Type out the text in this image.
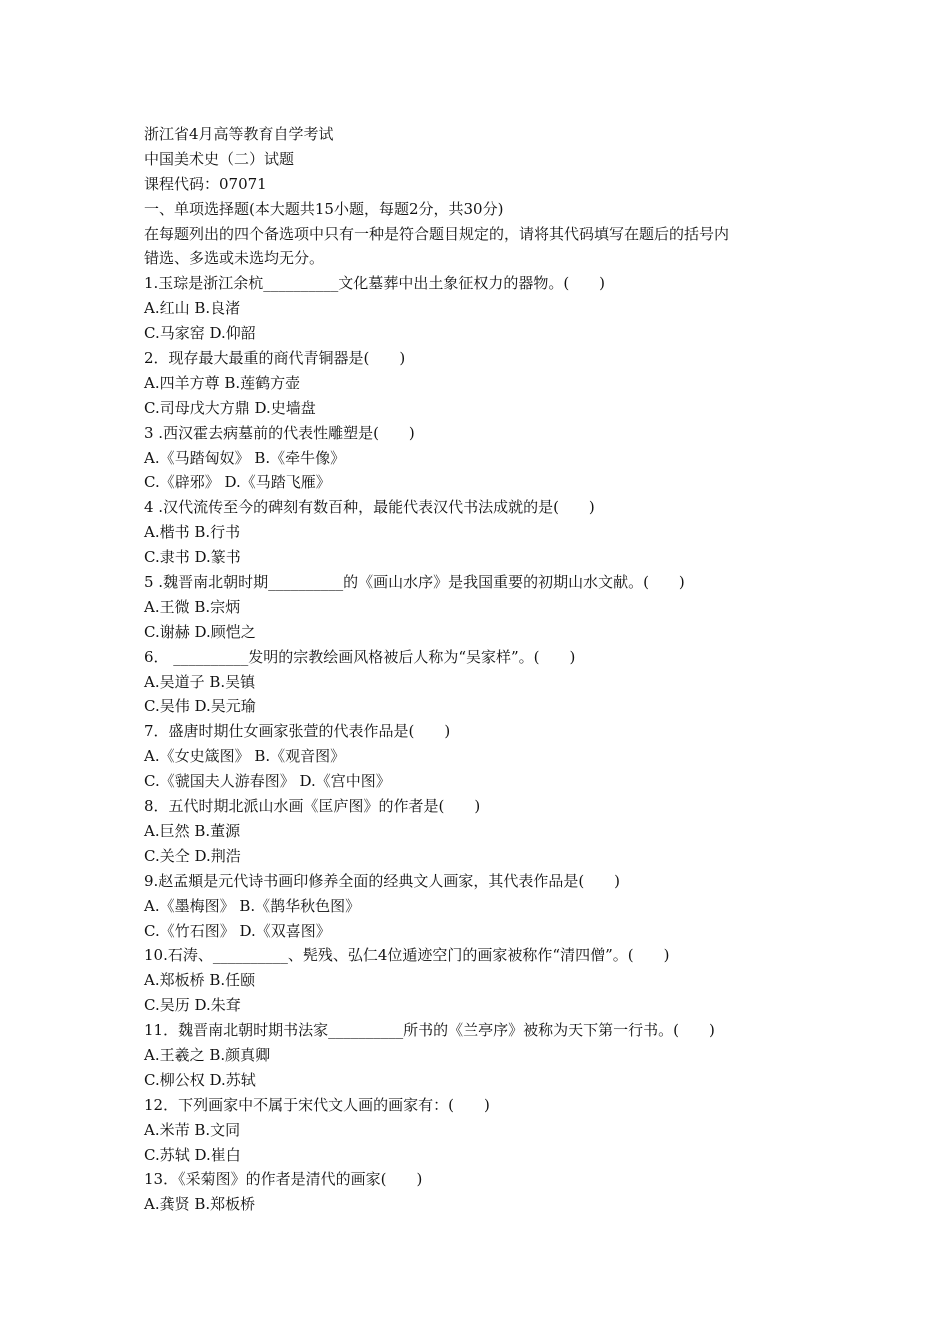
浙江省4月高等教育自学考试
中国美术史（二）试题
课程代码：07071
一、单项选择题(本大题共15小题，每题2分，共30分)
在每题列出的四个备选项中只有一种是符合题目规定的，请将其代码填写在题后的括号内
错选、多选或未选均无分。
1.玉琮是浙江余杭__________文化墓葬中出土象征权力的器物。(　　)
A.红山 B.良渚
C.马家窑 D.仰韶
2．现存最大最重的商代青铜器是(　　)
A.四羊方尊 B.莲鹤方壶
C.司母戊大方鼎 D.史墙盘
3 .西汉霍去病墓前的代表性雕塑是(　　)
A.《马踏匈奴》 B.《牵牛像》
C.《辟邪》 D.《马踏飞雁》
4 .汉代流传至今的碑刻有数百种，最能代表汉代书法成就的是(　　)
A.楷书 B.行书
C.隶书 D.篆书
5 .魏晋南北朝时期__________的《画山水序》是我国重要的初期山水文献。(　　)
A.王微 B.宗炳
C.谢赫 D.顾恺之
6． __________发明的宗教绘画风格被后人称为“吴家样”。(　　)
A.吴道子 B.吴镇
C.吴伟 D.吴元瑜
7．盛唐时期仕女画家张萱的代表作品是(　　)
A.《女史箴图》 B.《观音图》
C.《虢国夫人游春图》 D.《宫中图》
8．五代时期北派山水画《匡庐图》的作者是(　　)
A.巨然 B.董源
C.关仝 D.荆浩
9.赵孟頫是元代诗书画印修养全面的经典文人画家，其代表作品是(　　)
A.《墨梅图》 B.《鹊华秋色图》
C.《竹石图》 D.《双喜图》
10.石涛、__________、髡残、弘仁4位遁迹空门的画家被称作“清四僧”。(　　)
A.郑板桥 B.任颐
C.吴历 D.朱耷
11．魏晋南北朝时期书法家__________所书的《兰亭序》被称为天下第一行书。(　　)
A.王羲之 B.颜真卿
C.柳公权 D.苏轼
12．下列画家中不属于宋代文人画的画家有：(　　)
A.米芾 B.文同
C.苏轼 D.崔白
13．《采菊图》的作者是清代的画家(　　)
A.龚贤 B.郑板桥
